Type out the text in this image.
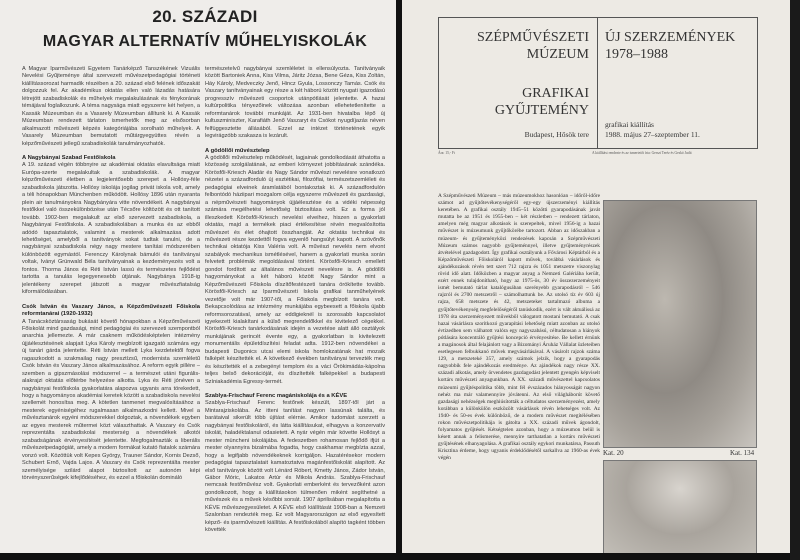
20. SZÁZADI
MAGYAR ALTERNATÍV MŰHELYISKOLÁK

A Magyar Iparművészeti Egyetem Tanárképző Tanszékének Vizuális Nevelési Gyűjteménye által szervezett művészetpedagógiai történeti kiállítássorozat harmadik részében a 20. század első felének időszakát dolgozzuk fel. Az akadémikus oktatás ellen való lázadás hatására létrejött szabadiskolák és műhelyek megalakulásának és fénykorának témájával foglalkozunk. A téma nagysága miatt egyszerre két helyen, a Kassák Múzeumban és a Vasarely Múzeumban állítunk ki. A Kassák Múzeumban rendezett tárlaton ismerhetők meg az elsősorban alkalmazott művészeti képzés kategóriájába sorolható műhelyek. A Vasarely Múzeumban bemutatott műtárgyegyüttes révén a képzőművészeti jellegű szabadiskolák tanulmányozhatók.

A Nagybányai Szabad Festőiskola

A 19. század végén többnyire az akadémiai oktatás elavultsága miatt Európa-szerte megalakultak a szabadiskolák. A magyar képzőművészeti életben a legjelentősebb szerepet a Hollósy-féle szabadiskola játszotta. Hollósy iskolája jogilag privát iskola volt, amely a téli hónapokban Münchenben működött. Hollósy 1896 után nyaranta plein air tanulmányokra Nagybányára vitte növendékeit. A nagybányai festőkkel való összekülönbözése után Técsőre költözött és ott tanított tovább. 1902-ben megalakult az első szervezett szabadiskola, a Nagybányai Festőiskola. A szabadiskolában a munka és az ebből adódó tapasztalatok, valamint a mesterek alkalmazása adott lehetőséget, amelyből a tanítványok sokat tudtak tanulni, de a nagybányai szabadiskola négy nagy mestere tanítási módszerében különbözött egymástól. Ferenczy Károlynak bámulói és tanítványai voltak, Iványi Grünwald Béla tanítványainak a kezdeményezés volt a fontos. Thorma János és Réti István lassú és természetes fejlődést tartotta a tanulás legegyenesebb útjának. Nagybánya 1918-ig jelentékeny szerepet játszott a magyar művészfiatalság kiformálódásában.

Csók István és Vaszary János, a Képzőművészeti Főiskola reformtanárai (1920-1932)

A Tanácsköztársaság bukását követő hónapokban a Képzőművészeti Főiskolát mind gazdasági, mind pedagógiai és szervezeti szempontból anarchia jellemezte. A már csaknem működésképtelen intézmény újjáélesztésének alapjait Lyka Károly megbízott igazgató számára egy új tanári gárda jelentette. Réti István mellett Lyka kezdetektől fogva ragaszkodott a szakmailag nagy presztízsű, modernista szemléletű Csók István és Vaszary János alkalmazásához. A reform egyik pillére – szemben a gipszmásolási módszerrel – a természet utáni figurális-alakrajzi oktatás előtérbe helyezése alkotta. Lyka és Réti jónéven a nagybányai festőiskola gyakorlatára alapozva ugyanis arra törekedett, hogy a hagyományos akadémiai keretek között a szabadiskola nevelési szellemét honosítsa meg. A kötetlen tanmenet megvalósításához a mesterek egyéniségéhez rugalmasan alkalmazkodni kellett. Mivel a művésztanárok egyéni módszerekkel dolgoztak, a növendékek egyben az egyes mesterek műtermei közt választhattak. A Vaszary és Csók reprezentálta szabadiskolai mesterség a növendékek alkotói szabadságának érvényesítését jelentette. Megfogalmazták a liberális művészetpedagógiát, amely a modern formákat kutató fiatalok számára vonzó volt. Közöttük volt Kepes György, Trauner Sándor, Kornis Dezső, Schubert Ernő, Vajda Lajos. A Vaszary és Csók reprezentálta mester személyisége szilárd alapot biztosított az autonóm képi törvényszerűségek kifejlődéséhez, és ezzel a főiskolán domináló

természetelvű nagybányai szemléletet is ellensúlyozta. Tanítványaik között Bartoniek Anna, Kiss Vilma, Járitz Józsa, Bene Géza, Kiss Zoltán, Háy Károly, Medveczky Jenő, Hincz Gyula, Lossonczy Tamás. Csók és Vaszary tanítványainak egy része a két háború között nyugati igazodású progresszív művészeti csoportok utánpótlását jelentette. A hazai kultúrpolitika tényezőinek változása azonban ellehetetlenítette a reformtanárok további munkáját. Az 1931-ben hivatalba lépő új kultuszminiszter, Karafiáth Jenő Vaszaryt és Csókot nyugdíjazás néven felfüggesztette állásából. Ezzel az intézet történetének egyik legvirágzóbb szakasza is lezárult.

A gödöllői művésztelep

A gödöllői művésztelep működését, lagjainak gondolkodását áthatotta a közösség szolgálatának, az emberi környezet jobbításának szándéka. Körösfői-Kriesch Aladár és Nagy Sándor művészi nevelésre vonatkozó nézetei a századforduló új esztétikai, filozófiai, természetszemléleti és pedagógiai elveinek áramlatából bontakoztak ki. A századfordulón felbontódó háziipari mozgalom célja egyszerre művészeti és gazdasági, a népművészeti hagyományok újjáélesztése és a vidéki népesség számára megélhetési lehetőség biztosítása volt. Ez a forma jól illeszkedett Körösfői-Kriesch nevelési elveihez, hiszen a gyakorlati oktatás, majd a termékek piaci értékesítése révén megvalósította művészet és élet óhajtott összhangját. Az oktatás technikai és művészeti része kezdettől fogva egyenlő hangsúlyt kapott. A szövőnők technikai oktatója Kiss Valéria volt. A művészi nevelés nem elvont szabályok mechanikus ismétlésével, hanem a gyakorlati munka során felvetett problémák megoldásával történt. Körösfői-Kriesch emellett gondot fordított az általános művészeti nevelésre is. A gödöllői hagyományokat a két háború között Nagy Sándor mint a Képzőművészeti Főiskola díszítőfestészeti tanára örökítette tovább. Körösfői-Kriesch az Iparművészeti Iskola grafikai tanműhelyének vezetője volt már 1907-től, a Főiskola megbízott tanára volt. Bekapcsolódása az intézmény munkájába egybeesett a főiskola újabb reformsorozatával, amely az eddigieknél is szorosabb kapcsolatot igyekezett kialakítani a külső megrendelőkkel és kivitelező cégekkel. Körösfői-Kriesch tanárkodásának idején a vezetése alatt álló osztályok munkájának gerincét évente egy, a gyakorlatban is kivitelezett monumentális épületdíszítési feladat adta. 1912-ben növendékei a budapesti Dugonics utcai elemi iskola homlokzatának hat mozaik falképét készítették el. A következő években tanítványai tervezték meg és készítették el a zebegényi templom és a váci Örökimádás-kápolna teljes belső dekorációját, és díszítették falképekkel a budapesti Színiakadémia Egressy-termét.

Szablya-Frischauf Ferenc magániskolája és a KÉVE

Szablya-Frischauf Ferenc festőnek készült, 1897-től járt a Mintarajziskolába. Az itteni tanítást nagyon lassúnak találta, és barátaival sikerült több újítást elérnie. Amikor tudomást szerzett a nagybányai festőiskoláról, és látta kiállításukat, elhagyva a konzervatív iskolát, haladéktalanul odasietett. A nyár végén már követte Hollósyt a mester müncheni iskolájába. A fedeszetben rohamosan fejlődő ifjút a mester olyannyira bizalmába fogadta, hogy csakhamar megbízta azzal, hogy a legifjabb növendékeknek korrigáljon. Hazatérésekor modern pedagógiai tapasztalatait kamatoztatva magánfestőiskolát alapított. Az első tanítványok között volt Lénárd Róbert, Kmetty János, Zádor István, Gábor Móric, Lakatos Artúr és Mikola András. Szablya-Frischauf nemcsak festőművész volt. Gyakorlati emberként és tervezőként azon gondolkozott, hogy a kiállításokon túlmenően miként segíthetné a művészek és a művek későbbi sorsát. 1907 áprilisában megalapította a KÉVE művészegyesületet. A KÉVE első kiállítását 1908-ban a Nemzeti Szalonban rendezték meg. Ez volt Magyarországon az első egyesített képző- és iparművészeti kiállítás. A festőiskolából alapító tagként többen követték

SZÉPMŰVÉSZETI
MÚZEUM
GRAFIKAI
GYŰJTEMÉNY
Budapest, Hősök tere
ÚJ SZERZEMÉNYEK
1978–1988
grafikai kiállítás
1988. május 27–szeptember 11.
Ára: 15,- Ft	A kiállítást rendezte és az ismertetőt írta: Gerszi Teréz és Geskó Judit

A Szépművészeti Múzeum – más múzeumokhoz hasonlóan – időről-időre számot ad gyűjtőtevékenységéről egy-egy újszerzeményi kiállítás keretében. A grafikai osztály 1945–51 közötti gyarapodásának javát mutatta be az 1951 és 1955-ben – két részletben – rendezett tárlaton, amelyen még magyar alkotások is szerepeltek, mivel 1956-ig a hazai művészet is múzeumunk gyűjtőkörébe tartozott. Abban az időszakban a múzeum- és gyűjteményközi rendezések kapcsán a Szépművészeti Múzeum számos nagyobb gyűjteménnyel, illetve gyűjteményrészek átvételével gazdagodott. Így grafikai osztályunk a Fővárosi Képtárból és a Képzőművészeti Főiskoláról kapott művek, továbbá vásárlások és ajándékozások révén tett szert 712 rajzra és 1051 metszetre viszonylag rövid idő alatt. Időközben a magyar anyag a Nemzeti Galériába került, ezért ennek tulajdonítható, hogy az 1975-ös, 30 év összezerzeményeit ismét bemutató tárlat katalógusában szerényebb gyarapodásról – 546 rajzról és 2700 metszetről – számolhattunk be. Az utolsó tíz év 603 új rajza, 658 metszete és 42, metszeteket tartalmazó albuma a gyűjtőtevékenység megfelelőségéről tanúskodik, ezért is vált aktuálissá az 1978 óta szerzeményezett művekből válogatott mostani bemutató. A csak hazai vásárlásra szorítkozó gyarapítási lehetőség miatt azonban az utolsó évtizedben sem válhatott valóra egy nagyszabású, céltudatosan a hiányok pótlására koncentráló gyűjtési koncepció érvényesítése. Be kellett érnünk a magánosok által felajánlott vagy a Bizományi Áruház Vállalat üzleteiben esetlegesen felbukkanó művek megvásárlásával. A vásárolt rajzok száma 129, a metszeteké 357, amely számok jelzik, hogy a gyarapodás nagyobbik fele ajándékozás eredménye. Az ajándékok nagy része XX. századi alkotás, amely örvendetes gazdagodást jelentett gyengén képviselt kortárs művészeti anyagunkban. A XX. századi művészettel kapcsolatos múzeumi gyűjtéspolitika több, mint fél évszázados hiányosságát nagyon nehéz ma már valamennyire jóvátenni. Az első világháborút követő gazdasági nehézségek meghiúsították a céltudatos szerzeményezést, amely korábban a különkülön eszközölt vásárlások révén lehetséges volt. Az 1940- és 50-es évek különböző, de a modern művészet megítélésében rokon művészetpolitikája is gátolta a XX. századi művek ágondolt, folyamatos gyűjtését. Kétségtelen azonban, hogy a múzeumon belül is késett annak a felismerése, mennyire tarthatatlan a kortárs művészeti gyűjtésének elhanyagolása. A grafikai osztály egykori munkatársa, Passuth Krisztina érdeme, hogy ugyanis érdeklődésétől sarkallva az 1960-as évek végén

Kat. 20	Kat. 134
